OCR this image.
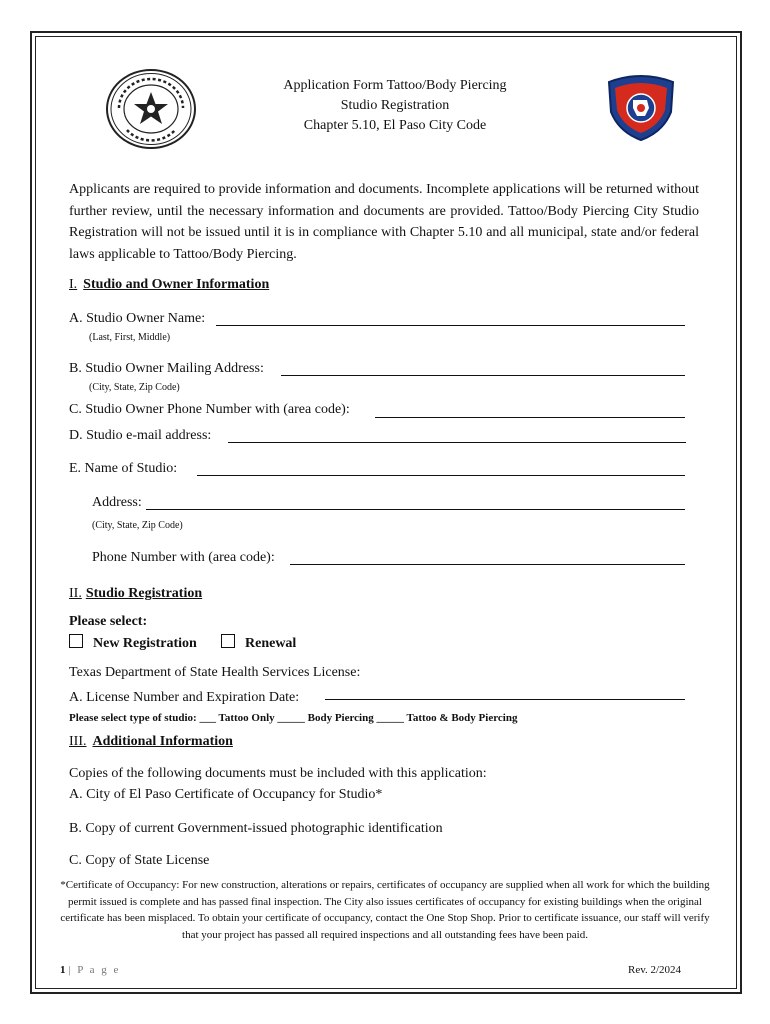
Application Form Tattoo/Body Piercing
Studio Registration
Chapter 5.10, El Paso City Code
Applicants are required to provide information and documents. Incomplete applications will be returned without further review, until the necessary information and documents are provided. Tattoo/Body Piercing City Studio Registration will not be issued until it is in compliance with Chapter 5.10 and all municipal, state and/or federal laws applicable to Tattoo/Body Piercing.
I. Studio and Owner Information
A. Studio Owner Name:
(Last, First, Middle)
B. Studio Owner Mailing Address:
(City, State, Zip Code)
C. Studio Owner Phone Number with (area code):
D. Studio e-mail address:
E. Name of Studio:
Address:
(City, State, Zip Code)
Phone Number with (area code):
II. Studio Registration
Please select:
New Registration	Renewal
Texas Department of State Health Services License:
A. License Number and Expiration Date:
Please select type of studio: ___ Tattoo Only _____ Body Piercing _____ Tattoo & Body Piercing
III. Additional Information
Copies of the following documents must be included with this application:
A. City of El Paso Certificate of Occupancy for Studio*
B. Copy of current Government-issued photographic identification
C. Copy of State License
*Certificate of Occupancy: For new construction, alterations or repairs, certificates of occupancy are supplied when all work for which the building permit issued is complete and has passed final inspection. The City also issues certificates of occupancy for existing buildings when the original certificate has been misplaced. To obtain your certificate of occupancy, contact the One Stop Shop. Prior to certificate issuance, our staff will verify that your project has passed all required inspections and all outstanding fees have been paid.
1 | P a g e	Rev. 2/2024
